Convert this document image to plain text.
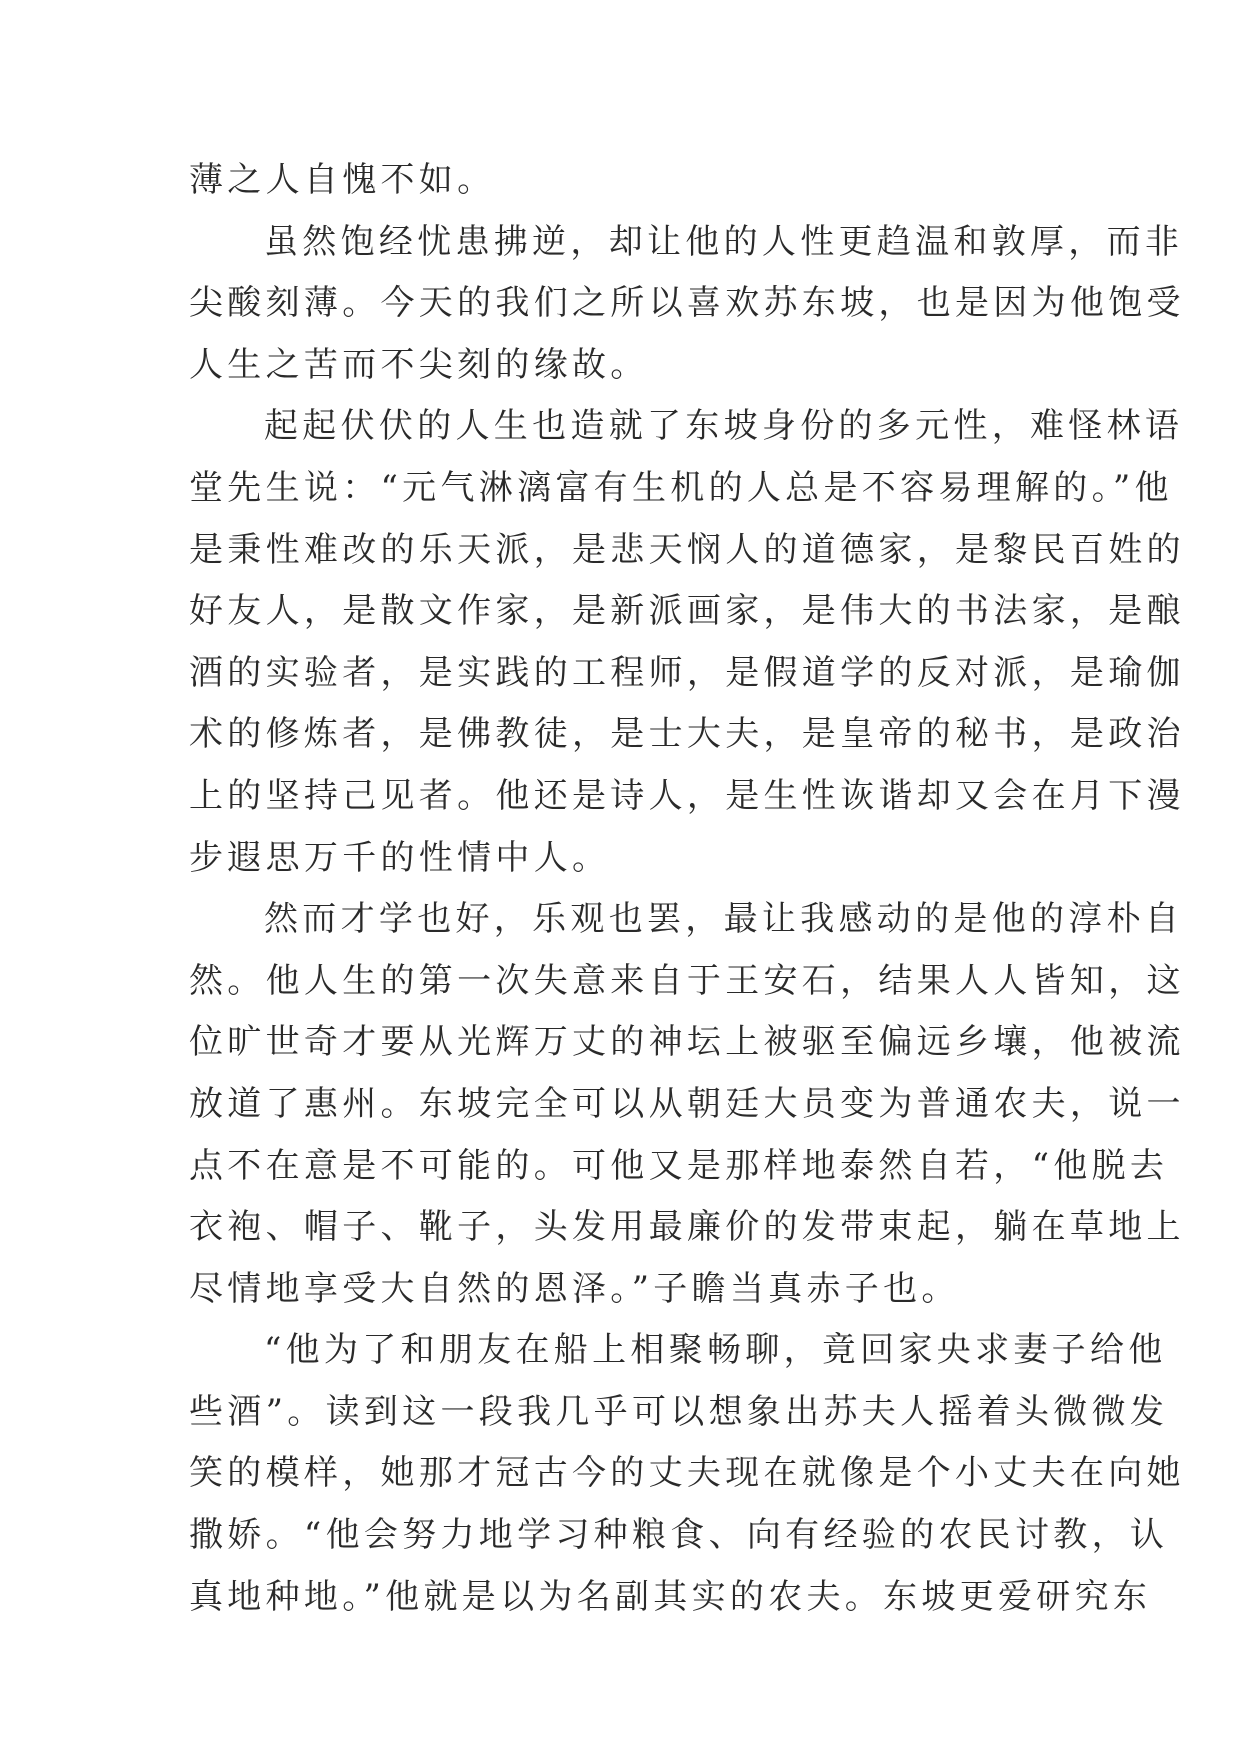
薄之人自愧不如。
虽然饱经忧患拂逆，却让他的人性更趋温和敦厚，而非
尖酸刻薄。今天的我们之所以喜欢苏东坡，也是因为他饱受
人生之苦而不尖刻的缘故。
起起伏伏的人生也造就了东坡身份的多元性，难怪林语
堂先生说：“元气淋漓富有生机的人总是不容易理解的。”他
是秉性难改的乐天派，是悲天悯人的道德家，是黎民百姓的
好友人，是散文作家，是新派画家，是伟大的书法家，是酿
酒的实验者，是实践的工程师，是假道学的反对派，是瑜伽
术的修炼者，是佛教徒，是士大夫，是皇帝的秘书，是政治
上的坚持己见者。他还是诗人，是生性诙谐却又会在月下漫
步遐思万千的性情中人。
然而才学也好，乐观也罢，最让我感动的是他的淳朴自
然。他人生的第一次失意来自于王安石，结果人人皆知，这
位旷世奇才要从光辉万丈的神坛上被驱至偏远乡壤，他被流
放道了惠州。东坡完全可以从朝廷大员变为普通农夫，说一
点不在意是不可能的。可他又是那样地泰然自若，“他脱去
衣袍、帽子、靴子，头发用最廉价的发带束起，躺在草地上
尽情地享受大自然的恩泽。”子瞻当真赤子也。
“他为了和朋友在船上相聚畅聊，竟回家央求妻子给他
些酒”。读到这一段我几乎可以想象出苏夫人摇着头微微发
笑的模样，她那才冠古今的丈夫现在就像是个小丈夫在向她
撒娇。“他会努力地学习种粮食、向有经验的农民讨教，认
真地种地。”他就是以为名副其实的农夫。东坡更爱研究东
